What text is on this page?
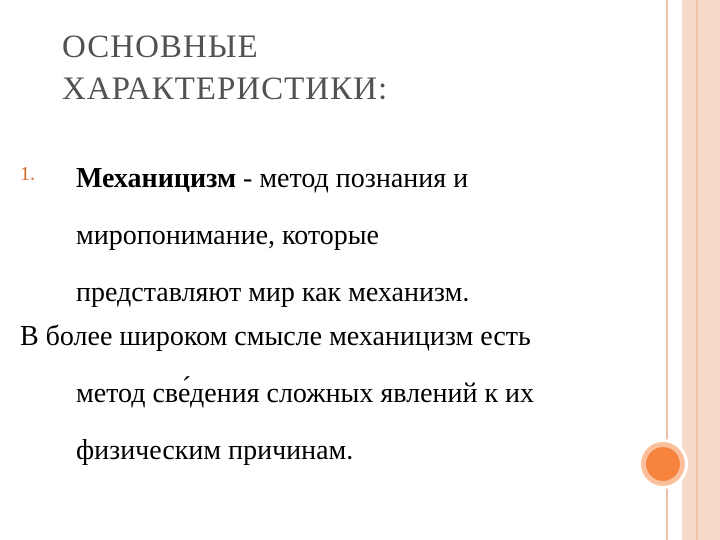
ОСНОВНЫЕ
ХАРАКТЕРИСТИКИ:
1. Механицизм - метод познания и
миропонимание, которые
представляют мир как механизм.
В более широком смысле механицизм есть
метод све́дения сложных явлений к их
физическим причинам.
